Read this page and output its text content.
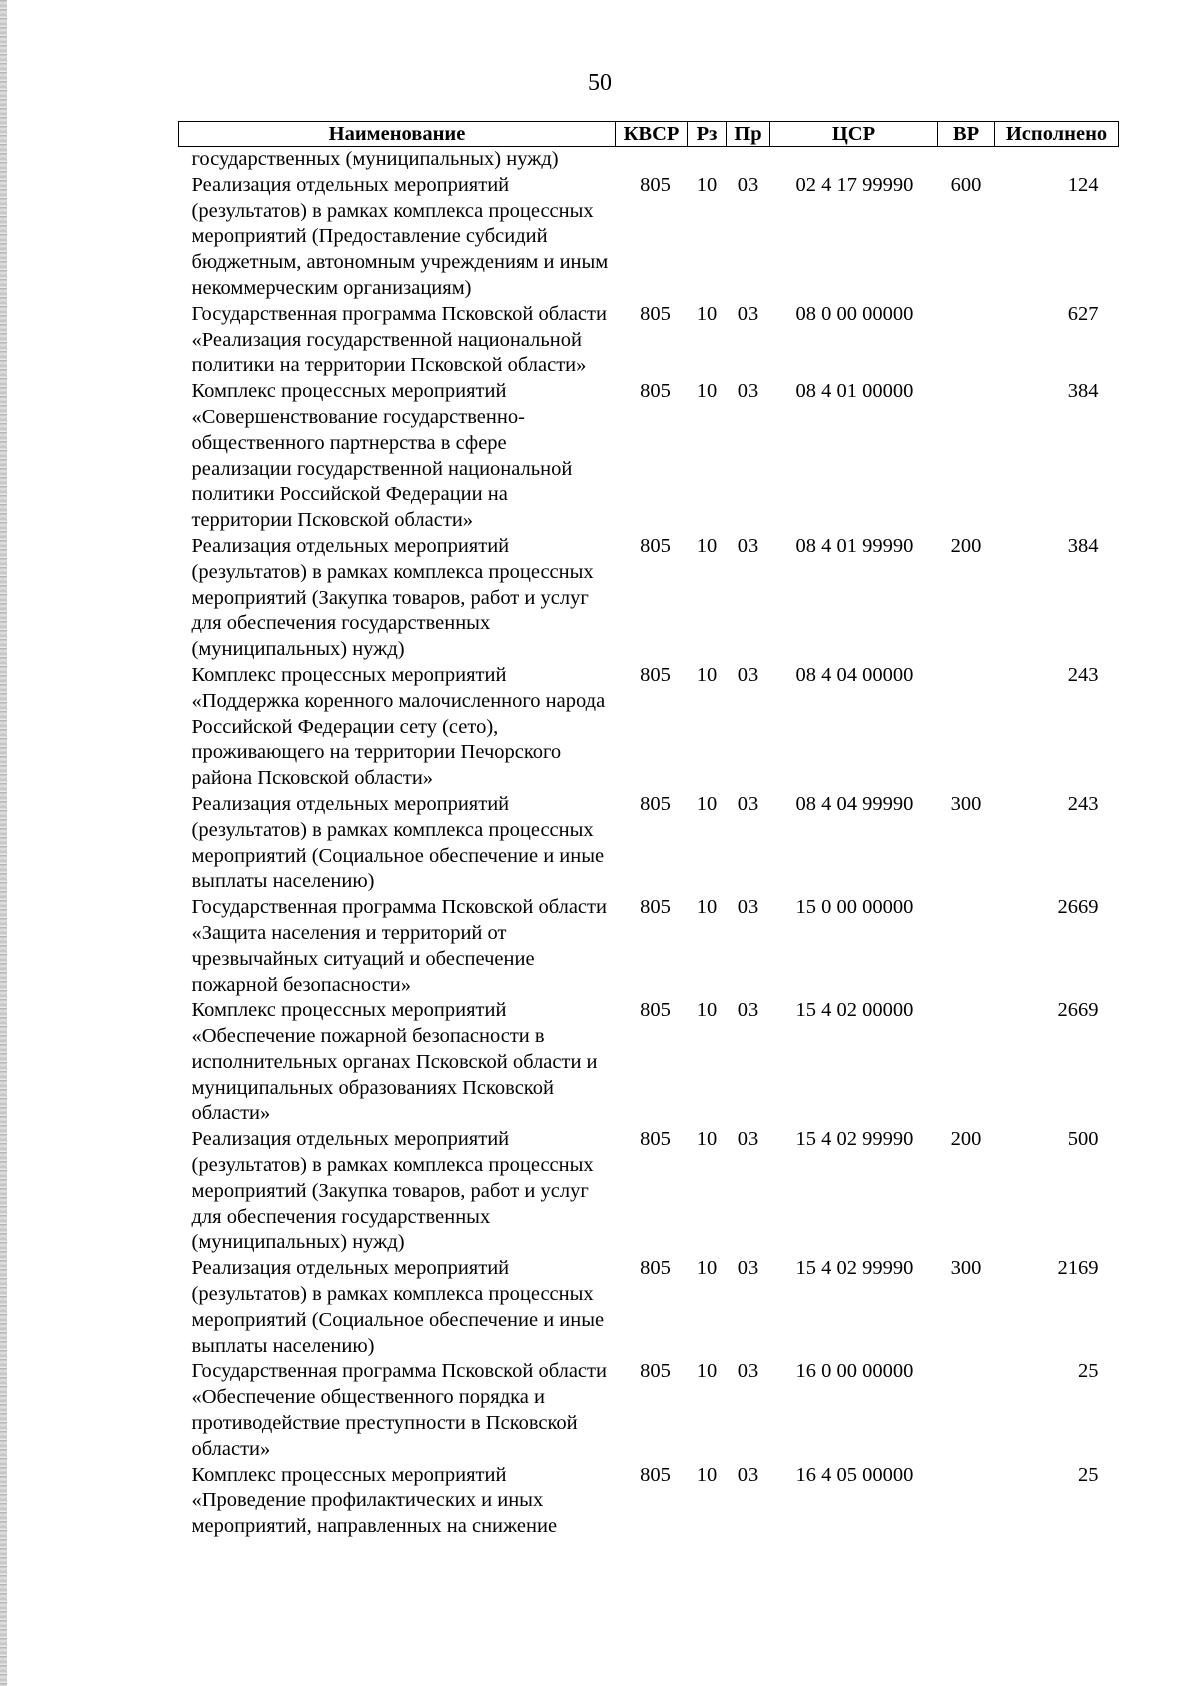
50
Наименование	КВСР	Рз	Пр	ЦСР	ВР	Исполнено
государственных (муниципальных) нужд)						
Реализация отдельных мероприятий (результатов) в рамках комплекса процессных мероприятий (Предоставление субсидий бюджетным, автономным учреждениям и иным некоммерческим организациям)	805	10	03	02 4 17 99990	600	124
Государственная программа Псковской области «Реализация государственной национальной политики на территории Псковской области»	805	10	03	08 0 00 00000		627
Комплекс процессных мероприятий «Совершенствование государственно-общественного партнерства в сфере реализации государственной национальной политики Российской Федерации на территории Псковской области»	805	10	03	08 4 01 00000		384
Реализация отдельных мероприятий (результатов) в рамках комплекса процессных мероприятий (Закупка товаров, работ и услуг для обеспечения государственных (муниципальных) нужд)	805	10	03	08 4 01 99990	200	384
Комплекс процессных мероприятий «Поддержка коренного малочисленного народа Российской Федерации сету (сето), проживающего на территории Печорского района Псковской области»	805	10	03	08 4 04 00000		243
Реализация отдельных мероприятий (результатов) в рамках комплекса процессных мероприятий (Социальное обеспечение и иные выплаты населению)	805	10	03	08 4 04 99990	300	243
Государственная программа Псковской области «Защита населения и территорий от чрезвычайных ситуаций и обеспечение пожарной безопасности»	805	10	03	15 0 00 00000		2669
Комплекс процессных мероприятий «Обеспечение пожарной безопасности в исполнительных органах Псковской области и муниципальных образованиях Псковской области»	805	10	03	15 4 02 00000		2669
Реализация отдельных мероприятий (результатов) в рамках комплекса процессных мероприятий (Закупка товаров, работ и услуг для обеспечения государственных (муниципальных) нужд)	805	10	03	15 4 02 99990	200	500
Реализация отдельных мероприятий (результатов) в рамках комплекса процессных мероприятий (Социальное обеспечение и иные выплаты населению)	805	10	03	15 4 02 99990	300	2169
Государственная программа Псковской области «Обеспечение общественного порядка и противодействие преступности в Псковской области»	805	10	03	16 0 00 00000		25
Комплекс процессных мероприятий «Проведение профилактических и иных мероприятий, направленных на снижение	805	10	03	16 4 05 00000		25
